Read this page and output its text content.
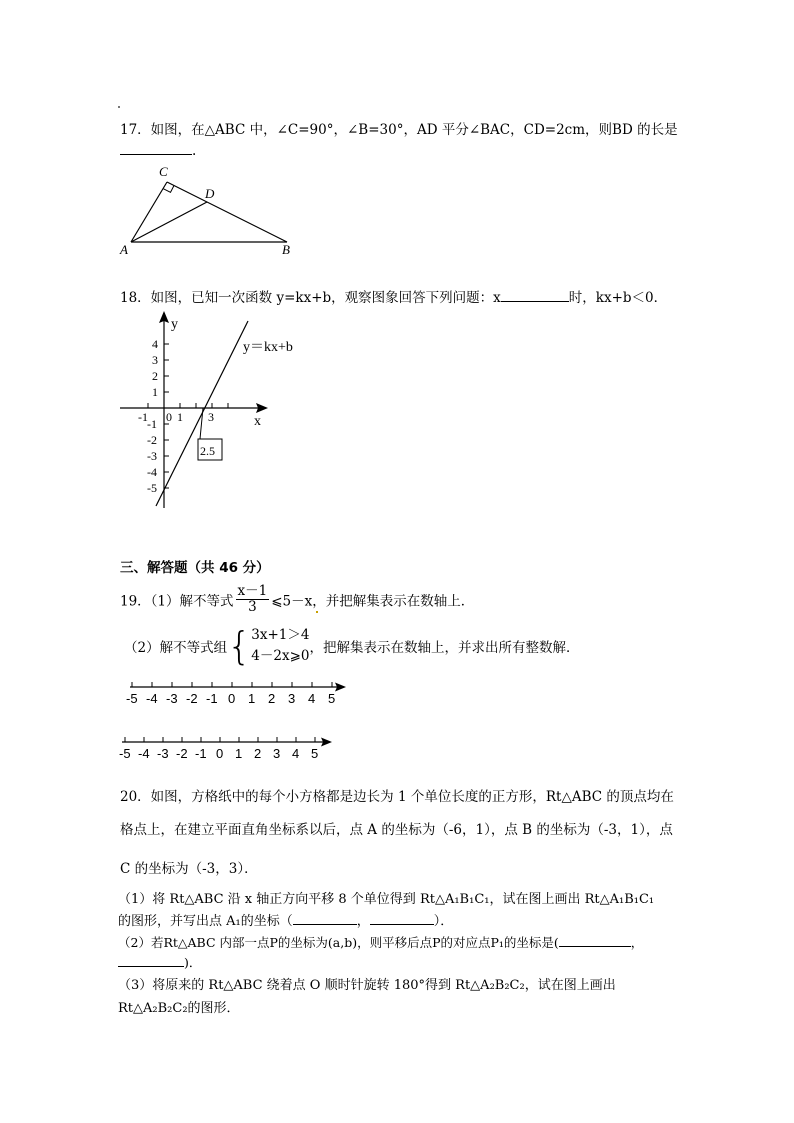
17．如图，在△ABC 中，∠C=90°，∠B=30°，AD 平分∠BAC，CD=2cm，则BD 的长是
.
C
D
A	B
18．如图，已知一次函数 y=kx+b，观察图象回答下列问题：x	时，kx+b＜0．
y
x
4
3
2
1
-1
-2
-3
-4
-5
-1 0 1 3
y＝kx+b
2.5
三、解答题（共 46 分）
19．（1）解不等式 $\frac{x-1}{3}$ ⩽5－x，并把解集表示在数轴上．
（2）解不等式组{ 3x+1＞4
4－2x⩾0 ，把解集表示在数轴上，并求出所有整数解．
-5 -4 -3 -2 -1 0 1 2 3 4 5
-5 -4 -3 -2 -1 0 1 2 3 4 5
20．如图，方格纸中的每个小方格都是边长为 1 个单位长度的正方形，Rt△ABC 的顶点均在
格点上，在建立平面直角坐标系以后，点 A 的坐标为（-6，1），点 B 的坐标为（-3，1），点
C 的坐标为（-3，3）．
（1）将 Rt△ABC 沿 x 轴正方向平移 8 个单位得到 Rt△A₁B₁C₁，试在图上画出 Rt△A₁B₁C₁
的图形，并写出点 A₁的坐标（	，	）．
（2）若Rt△ABC 内部一点P的坐标为(a,b)，则平移后点P的对应点P₁的坐标是(	，
)．
（3）将原来的 Rt△ABC 绕着点 O 顺时针旋转 180°得到 Rt△A₂B₂C₂，试在图上画出
Rt△A₂B₂C₂的图形．
